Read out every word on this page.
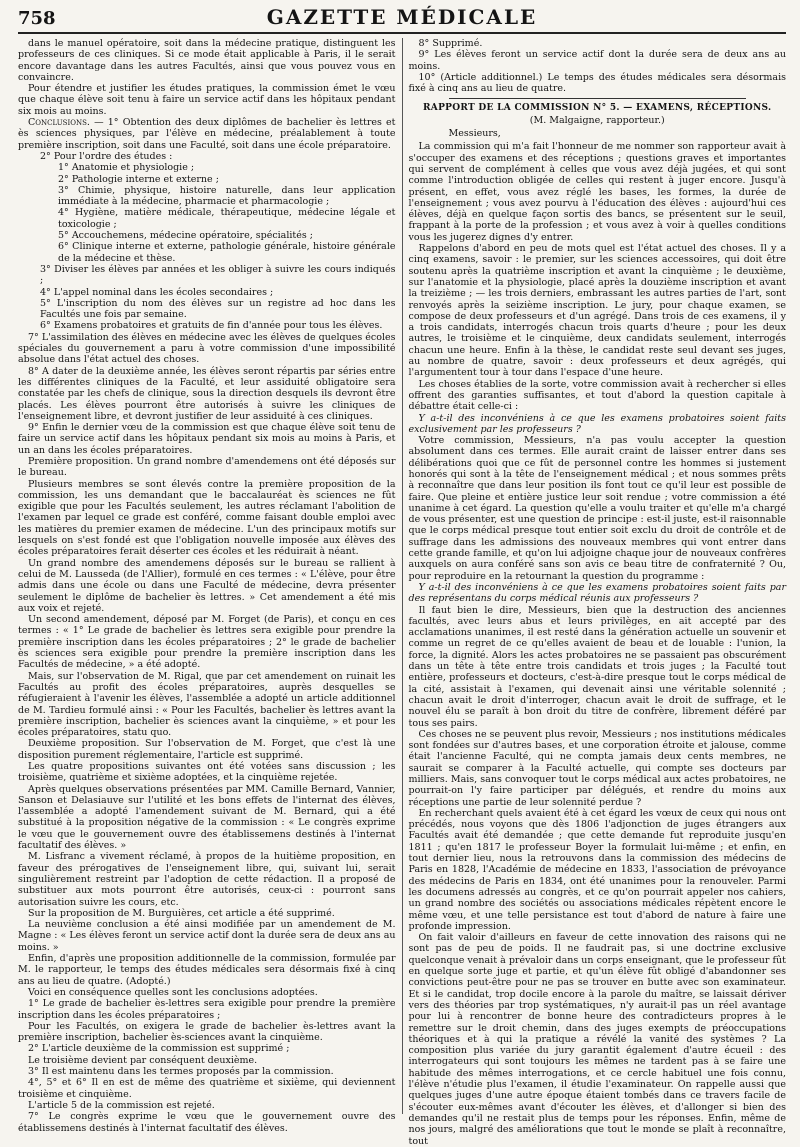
758	GAZETTE MÉDICALE

dans le manuel opératoire, soit dans la médecine pratique, distinguent les professeurs de ces cliniques. Si ce mode était applicable à Paris, il le serait encore davantage dans les autres Facultés, ainsi que vous pouvez vous en convaincre.

Pour étendre et justifier les études pratiques, la commission émet le vœu que chaque élève soit tenu à faire un service actif dans les hôpitaux pendant six mois au moins.

Conclusions. — 1° Obtention des deux diplômes de bachelier ès lettres et ès sciences physiques, par l'élève en médecine, préalablement à toute première inscription, soit dans une Faculté, soit dans une école préparatoire.

2° Pour l'ordre des études :

1° Anatomie et physiologie ;

2° Pathologie interne et externe ;

3° Chimie, physique, histoire naturelle, dans leur application immédiate à la médecine, pharmacie et pharmacologie ;

4° Hygiène, matière médicale, thérapeutique, médecine légale et toxicologie ;

5° Accouchemens, médecine opératoire, spécialités ;

6° Clinique interne et externe, pathologie générale, histoire générale de la médecine et thèse.

3° Diviser les élèves par années et les obliger à suivre les cours indiqués ;

4° L'appel nominal dans les écoles secondaires ;

5° L'inscription du nom des élèves sur un registre ad hoc dans les Facultés une fois par semaine.

6° Examens probatoires et gratuits de fin d'année pour tous les élèves.

7° L'assimilation des élèves en médecine avec les élèves de quelques écoles spéciales du gouvernement a paru à votre commission d'une impossibilité absolue dans l'état actuel des choses.

8° A dater de la deuxième année, les élèves seront répartis par séries entre les différentes cliniques de la Faculté, et leur assiduité obligatoire sera constatée par les chefs de clinique, sous la direction desquels ils devront être placés. Les élèves pourront être autorisés à suivre les cliniques de l'enseignement libre, et devront justifier de leur assiduité à ces cliniques.

9° Enfin le dernier vœu de la commission est que chaque élève soit tenu de faire un service actif dans les hôpitaux pendant six mois au moins à Paris, et un an dans les écoles préparatoires.

Première proposition. Un grand nombre d'amendemens ont été déposés sur le bureau.

Plusieurs membres se sont élevés contre la première proposition de la commission, les uns demandant que le baccalauréat ès sciences ne fût exigible que pour les Facultés seulement, les autres réclamant l'abolition de l'examen par lequel ce grade est conféré, comme faisant double emploi avec les matières du premier examen de médecine. L'un des principaux motifs sur lesquels on s'est fondé est que l'obligation nouvelle imposée aux élèves des écoles préparatoires ferait déserter ces écoles et les réduirait à néant.

Un grand nombre des amendemens déposés sur le bureau se rallient à celui de M. Lausseda (de l'Allier), formulé en ces termes : « L'élève, pour être admis dans une école ou dans une Faculté de médecine, devra présenter seulement le diplôme de bachelier ès lettres. » Cet amendement a été mis aux voix et rejeté.

Un second amendement, déposé par M. Forget (de Paris), et conçu en ces termes : « 1° Le grade de bachelier ès lettres sera exigible pour prendre la première inscription dans les écoles préparatoires ; 2° le grade de bachelier ès sciences sera exigible pour prendre la première inscription dans les Facultés de médecine, » a été adopté.

Mais, sur l'observation de M. Rigal, que par cet amendement on ruinait les Facultés au profit des écoles préparatoires, auprès desquelles se réfugieraient à l'avenir les élèves, l'assemblée a adopté un article additionnel de M. Tardieu formulé ainsi : « Pour les Facultés, bachelier ès lettres avant la première inscription, bachelier ès sciences avant la cinquième, » et pour les écoles préparatoires, statu quo.

Deuxième proposition. Sur l'observation de M. Forget, que c'est là une disposition purement réglementaire, l'article est supprimé.

Les quatre propositions suivantes ont été votées sans discussion ; les troisième, quatrième et sixième adoptées, et la cinquième rejetée.

Après quelques observations présentées par MM. Camille Bernard, Vannier, Sanson et Delasiauve sur l'utilité et les bons effets de l'internat des élèves, l'assemblée a adopté l'amendement suivant de M. Bernard, qui a été substitué à la proposition négative de la commission : « Le congrès exprime le vœu que le gouvernement ouvre des établissemens destinés à l'internat facultatif des élèves. »

M. Lisfranc a vivement réclamé, à propos de la huitième proposition, en faveur des prérogatives de l'enseignement libre, qui, suivant lui, serait singulièrement restreint par l'adoption de cette rédaction. Il a proposé de substituer aux mots pourront être autorisés, ceux-ci : pourront sans autorisation suivre les cours, etc.

Sur la proposition de M. Burguières, cet article a été supprimé.

La neuvième conclusion a été ainsi modifiée par un amendement de M. Magne : « Les élèves feront un service actif dont la durée sera de deux ans au moins. »

Enfin, d'après une proposition additionnelle de la commission, formulée par M. le rapporteur, le temps des études médicales sera désormais fixé à cinq ans au lieu de quatre. (Adopté.)

Voici en conséquence quelles sont les conclusions adoptées.

1° Le grade de bachelier ès-lettres sera exigible pour prendre la première inscription dans les écoles préparatoires ;

Pour les Facultés, on exigera le grade de bachelier ès-lettres avant la première inscription, bachelier ès-sciences avant la cinquième.

2° L'article deuxième de la commission est supprimé ;

Le troisième devient par conséquent deuxième.

3° Il est maintenu dans les termes proposés par la commission.

4°, 5° et 6° Il en est de même des quatrième et sixième, qui deviennent troisième et cinquième.

L'article 5 de la commission est rejeté.

7° Le congrès exprime le vœu que le gouvernement ouvre des établissemens destinés à l'internat facultatif des élèves.

8° Supprimé.

9° Les élèves feront un service actif dont la durée sera de deux ans au moins.

10° (Article additionnel.) Le temps des études médicales sera désormais fixé à cinq ans au lieu de quatre.

RAPPORT DE LA COMMISSION N° 5. — EXAMENS, RÉCEPTIONS.

(M. Malgaigne, rapporteur.)

Messieurs,

La commission qui m'a fait l'honneur de me nommer son rapporteur avait à s'occuper des examens et des réceptions ; questions graves et importantes qui servent de complément à celles que vous avez déjà jugées, et qui sont comme l'introduction obligée de celles qui restent à juger encore. Jusqu'à présent, en effet, vous avez réglé les bases, les formes, la durée de l'enseignement ; vous avez pourvu à l'éducation des élèves : aujourd'hui ces élèves, déjà en quelque façon sortis des bancs, se présentent sur le seuil, frappant à la porte de la profession ; et vous avez à voir à quelles conditions vous les jugerez dignes d'y entrer.

Rappelons d'abord en peu de mots quel est l'état actuel des choses. Il y a cinq examens, savoir : le premier, sur les sciences accessoires, qui doit être soutenu après la quatrième inscription et avant la cinquième ; le deuxième, sur l'anatomie et la physiologie, placé après la douzième inscription et avant la treizième ; — les trois derniers, embrassant les autres parties de l'art, sont renvoyés après la seizième inscription. Le jury, pour chaque examen, se compose de deux professeurs et d'un agrégé. Dans trois de ces examens, il y a trois candidats, interrogés chacun trois quarts d'heure ; pour les deux autres, le troisième et le cinquième, deux candidats seulement, interrogés chacun une heure. Enfin à la thèse, le candidat reste seul devant ses juges, au nombre de quatre, savoir : deux professeurs et deux agrégés, qui l'argumentent tour à tour dans l'espace d'une heure.

Les choses établies de la sorte, votre commission avait à rechercher si elles offrent des garanties suffisantes, et tout d'abord la question capitale à débattre était celle-ci :

Y a-t-il des inconvéniens à ce que les examens probatoires soient faits exclusivement par les professeurs ?

Votre commission, Messieurs, n'a pas voulu accepter la question absolument dans ces termes. Elle aurait craint de laisser entrer dans ses délibérations quoi que ce fût de personnel contre les hommes si justement honorés qui sont à la tête de l'enseignement médical ; et nous sommes prêts à reconnaître que dans leur position ils font tout ce qu'il leur est possible de faire. Que pleine et entière justice leur soit rendue ; votre commission a été unanime à cet égard. La question qu'elle a voulu traiter et qu'elle m'a chargé de vous présenter, est une question de principe : est-il juste, est-il raisonnable que le corps médical presque tout entier soit exclu du droit de contrôle et de suffrage dans les admissions des nouveaux membres qui vont entrer dans cette grande famille, et qu'on lui adjoigne chaque jour de nouveaux confrères auxquels on aura conféré sans son avis ce beau titre de confraternité ? Ou, pour reproduire en la retournant la question du programme :

Y a-t-il des inconvéniens à ce que les examens probatoires soient faits par des représentans du corps médical réunis aux professeurs ?

Il faut bien le dire, Messieurs, bien que la destruction des anciennes facultés, avec leurs abus et leurs privilèges, en ait accepté par des acclamations unanimes, il est resté dans la génération actuelle un souvenir et comme un regret de ce qu'elles avaient de beau et de louable : l'union, la force, la dignité. Alors les actes probatoires ne se passaient pas obscurément dans un tête à tête entre trois candidats et trois juges ; la Faculté tout entière, professeurs et docteurs, c'est-à-dire presque tout le corps médical de la cité, assistait à l'examen, qui devenait ainsi une véritable solennité ; chacun avait le droit d'interroger, chacun avait le droit de suffrage, et le nouvel élu se paraît à bon droit du titre de confrère, librement déféré par tous ses pairs.

Ces choses ne se peuvent plus revoir, Messieurs ; nos institutions médicales sont fondées sur d'autres bases, et une corporation étroite et jalouse, comme était l'ancienne Faculté, qui ne compta jamais deux cents membres, ne saurait se comparer à la Faculté actuelle, qui compte ses docteurs par milliers. Mais, sans convoquer tout le corps médical aux actes probatoires, ne pourrait-on l'y faire participer par délégués, et rendre du moins aux réceptions une partie de leur solennité perdue ?

En recherchant quels avaient été à cet égard les vœux de ceux qui nous ont précédés, nous voyons que dès 1806 l'adjonction de juges étrangers aux Facultés avait été demandée ; que cette demande fut reproduite jusqu'en 1811 ; qu'en 1817 le professeur Boyer la formulait lui-même ; et enfin, en tout dernier lieu, nous la retrouvons dans la commission des médecins de Paris en 1828, l'Académie de médecine en 1833, l'association de prévoyance des médecins de Paris en 1834, ont été unanimes pour la renouveler. Parmi les documens adressés au congrès, et ce qu'on pourrait appeler nos cahiers, un grand nombre des sociétés ou associations médicales répètent encore le même vœu, et une telle persistance est tout d'abord de nature à faire une profonde impression.

On fait valoir d'ailleurs en faveur de cette innovation des raisons qui ne sont pas de peu de poids. Il ne faudrait pas, si une doctrine exclusive quelconque venait à prévaloir dans un corps enseignant, que le professeur fût en quelque sorte juge et partie, et qu'un élève fût obligé d'abandonner ses convictions peut-être pour ne pas se trouver en butte avec son examinateur. Et si le candidat, trop docile encore à la parole du maître, se laissait dériver vers des théories par trop systématiques, n'y aurait-il pas un réel avantage pour lui à rencontrer de bonne heure des contradicteurs propres à le remettre sur le droit chemin, dans des juges exempts de préoccupations théoriques et à qui la pratique a révélé la vanité des systèmes ? La composition plus variée du jury garantit également d'autre écueil : des interrogateurs qui sont toujours les mêmes ne tardent pas à se faire une habitude des mêmes interrogations, et ce cercle habituel une fois connu, l'élève n'étudie plus l'examen, il étudie l'examinateur. On rappelle aussi que quelques juges d'une autre époque étaient tombés dans ce travers facile de s'écouter eux-mêmes avant d'écouter les élèves, et d'allonger si bien des demandes qu'il ne restait plus de temps pour les réponses. Enfin, même de nos jours, malgré des améliorations que tout le monde se plaît à reconnaître, tout
